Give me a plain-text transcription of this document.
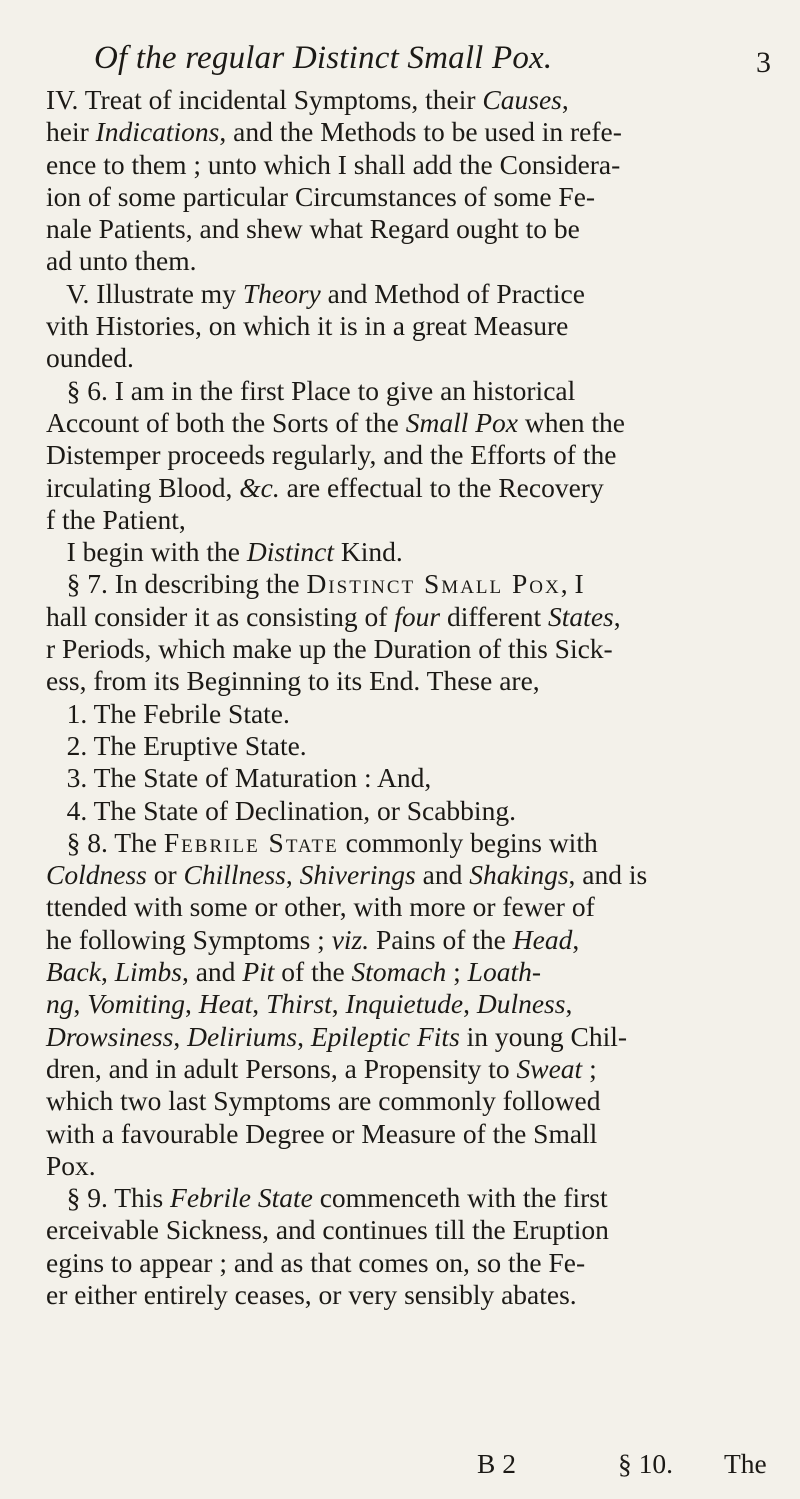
Of the regular Distinct Small Pox.	3
IV. Treat of incidental Symptoms, their Causes,
heir Indications, and the Methods to be used in refe-
ence to them ; unto which I shall add the Considera-
ion of some particular Circumstances of some Fe-
nale Patients, and shew what Regard ought to be
ad unto them.
V. Illustrate my Theory and Method of Practice
vith Histories, on which it is in a great Measure
ounded.
§ 6. I am in the first Place to give an historical
Account of both the Sorts of the Small Pox when the
Distemper proceeds regularly, and the Efforts of the
irculating Blood, &c. are effectual to the Recovery
f the Patient,
I begin with the Distinct Kind.
§ 7. In describing the Distinct Small Pox, I
hall consider it as consisting of four different States,
r Periods, which make up the Duration of this Sick-
ess, from its Beginning to its End. These are,
1. The Febrile State.
2. The Eruptive State.
3. The State of Maturation : And,
4. The State of Declination, or Scabbing.
§ 8. The Febrile State commonly begins with
Coldness or Chillness, Shiverings and Shakings, and is
ttended with some or other, with more or fewer of
he following Symptoms ; viz. Pains of the Head,
Back, Limbs, and Pit of the Stomach ; Loath-
ng, Vomiting, Heat, Thirst, Inquietude, Dulness,
Drowsiness, Deliriums, Epileptic Fits in young Chil-
dren, and in adult Persons, a Propensity to Sweat ;
which two last Symptoms are commonly followed
with a favourable Degree or Measure of the Small
Pox.
§ 9. This Febrile State commenceth with the first
erceivable Sickness, and continues till the Eruption
egins to appear ; and as that comes on, so the Fe-
er either entirely ceases, or very sensibly abates.
B 2	§ 10. The
